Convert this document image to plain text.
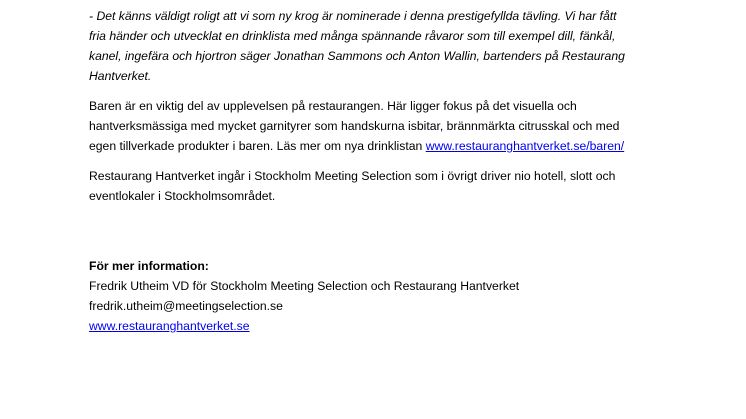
- Det känns väldigt roligt att vi som ny krog är nominerade i denna prestigefyllda tävling. Vi har fått
fria händer och utvecklat en drinklista med många spännande råvaror som till exempel dill, fänkål,
kanel, ingefära och hjortron säger Jonathan Sammons och Anton Wallin, bartenders på Restaurang
Hantverket.
Baren är en viktig del av upplevelsen på restaurangen. Här ligger fokus på det visuella och
hantverksmässiga med mycket garnityrer som handskurna isbitar, brännmärkta citrusskal och med
egen tillverkade produkter i baren. Läs mer om nya drinklistan www.restauranghantverket.se/baren/
Restaurang Hantverket ingår i Stockholm Meeting Selection som i övrigt driver nio hotell, slott och
eventlokaler i Stockholmsområdet.
För mer information:
Fredrik Utheim VD för Stockholm Meeting Selection och Restaurang Hantverket
fredrik.utheim@meetingselection.se
www.restauranghantverket.se
